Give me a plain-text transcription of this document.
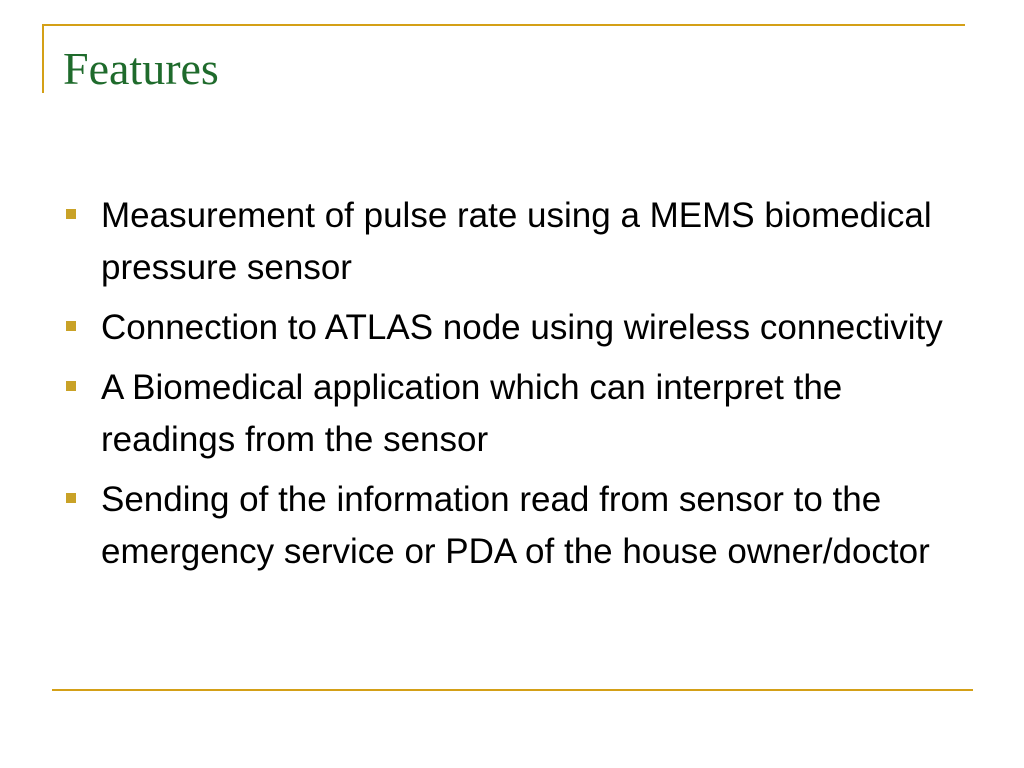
Features
Measurement of pulse rate using a MEMS biomedical pressure sensor
Connection to ATLAS node using wireless connectivity
A Biomedical application which can interpret the readings from the sensor
Sending of the information read from sensor to the  emergency service or PDA of the house owner/doctor
